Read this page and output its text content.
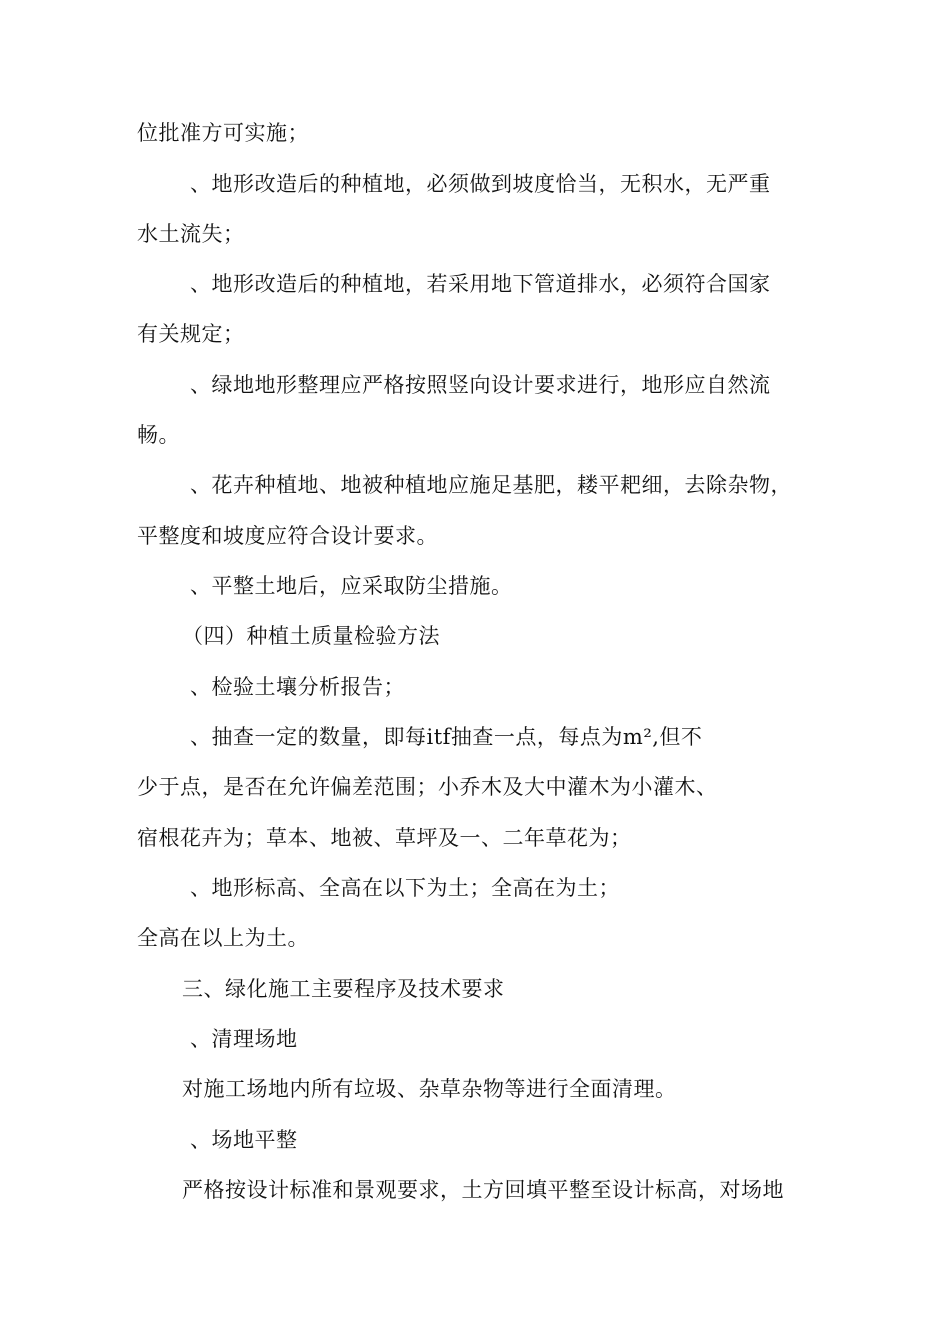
位批准方可实施；
、地形改造后的种植地，必须做到坡度恰当，无积水，无严重
水土流失；
、地形改造后的种植地，若采用地下管道排水，必须符合国家
有关规定；
、绿地地形整理应严格按照竖向设计要求进行，地形应自然流
畅。
、花卉种植地、地被种植地应施足基肥，耧平耙细，去除杂物，
平整度和坡度应符合设计要求。
、平整土地后，应采取防尘措施。
（四）种植土质量检验方法
、检验土壤分析报告；
、抽查一定的数量，即每itf抽查一点，每点为m²,但不
少于点，是否在允许偏差范围；小乔木及大中灌木为小灌木、
宿根花卉为；草本、地被、草坪及一、二年草花为；
、地形标高、全高在以下为土；全高在为土；
全高在以上为土。
三、绿化施工主要程序及技术要求
、清理场地
对施工场地内所有垃圾、杂草杂物等进行全面清理。
、场地平整
严格按设计标准和景观要求，土方回填平整至设计标高，对场地
